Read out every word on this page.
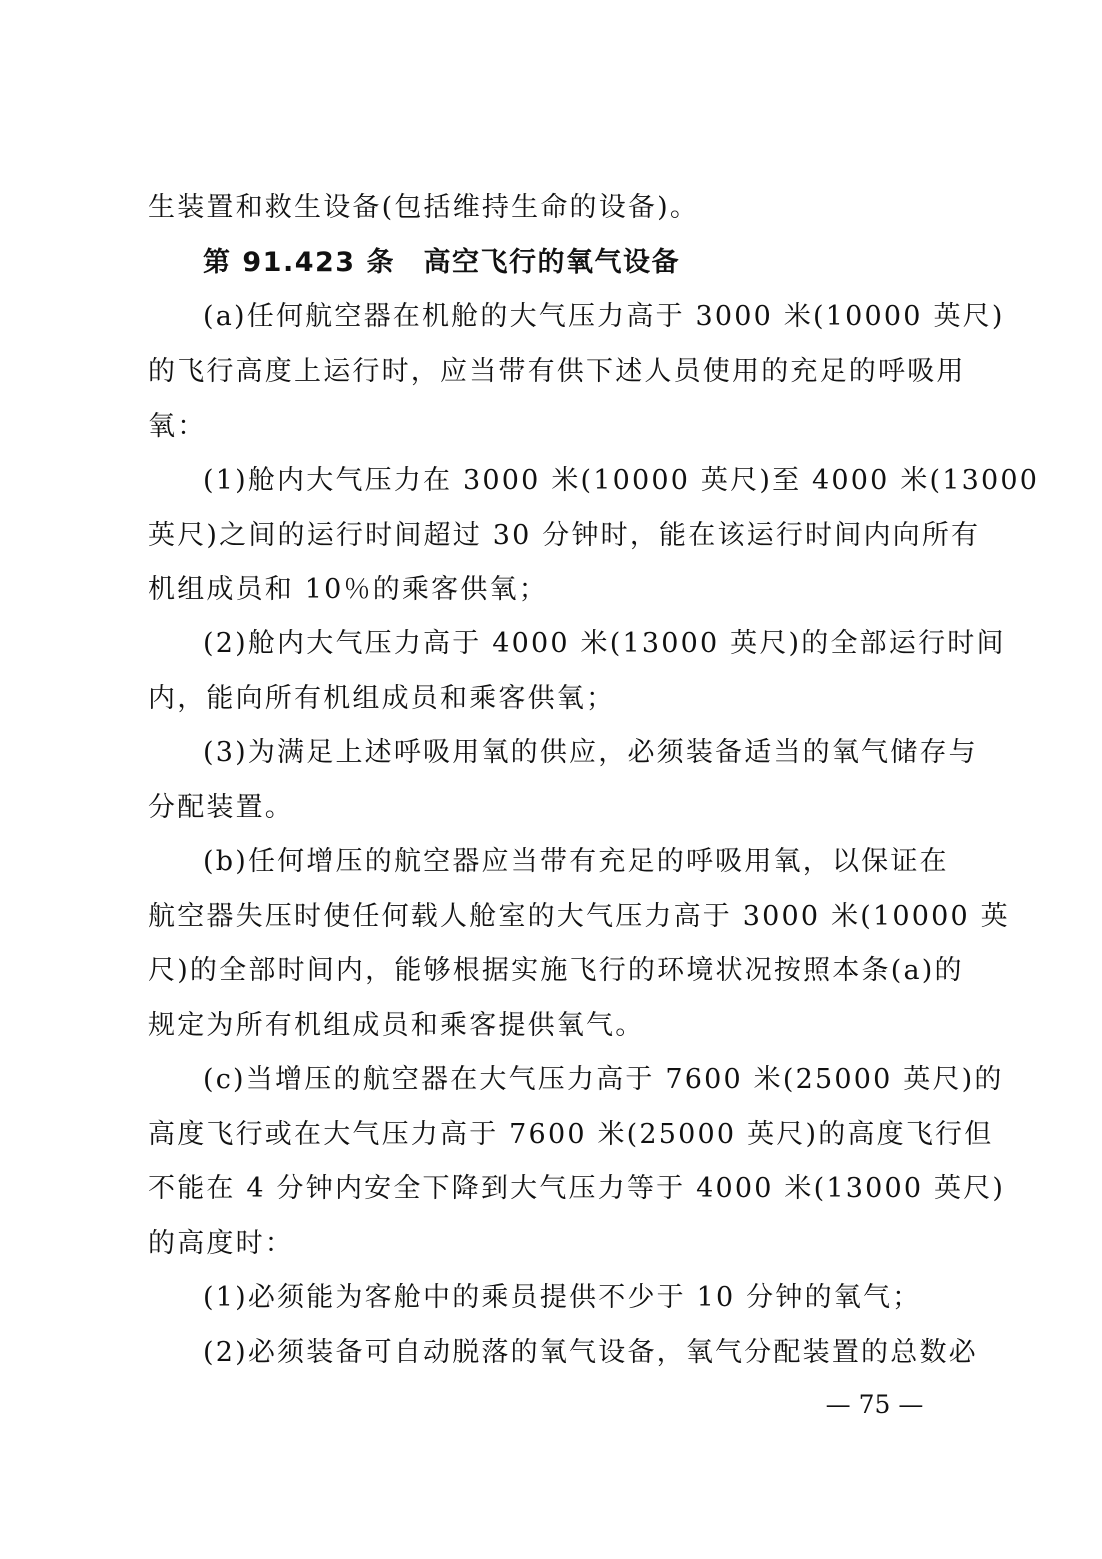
生装置和救生设备(包括维持生命的设备)。
第 91.423 条　高空飞行的氧气设备
(a)任何航空器在机舱的大气压力高于 3000 米(10000 英尺)
的飞行高度上运行时，应当带有供下述人员使用的充足的呼吸用
氧：
(1)舱内大气压力在 3000 米(10000 英尺)至 4000 米(13000
英尺)之间的运行时间超过 30 分钟时，能在该运行时间内向所有
机组成员和 10％的乘客供氧；
(2)舱内大气压力高于 4000 米(13000 英尺)的全部运行时间
内，能向所有机组成员和乘客供氧；
(3)为满足上述呼吸用氧的供应，必须装备适当的氧气储存与
分配装置。
(b)任何增压的航空器应当带有充足的呼吸用氧，以保证在
航空器失压时使任何载人舱室的大气压力高于 3000 米(10000 英
尺)的全部时间内，能够根据实施飞行的环境状况按照本条(a)的
规定为所有机组成员和乘客提供氧气。
(c)当增压的航空器在大气压力高于 7600 米(25000 英尺)的
高度飞行或在大气压力高于 7600 米(25000 英尺)的高度飞行但
不能在 4 分钟内安全下降到大气压力等于 4000 米(13000 英尺)
的高度时：
(1)必须能为客舱中的乘员提供不少于 10 分钟的氧气；
(2)必须装备可自动脱落的氧气设备，氧气分配装置的总数必
— 75 —
